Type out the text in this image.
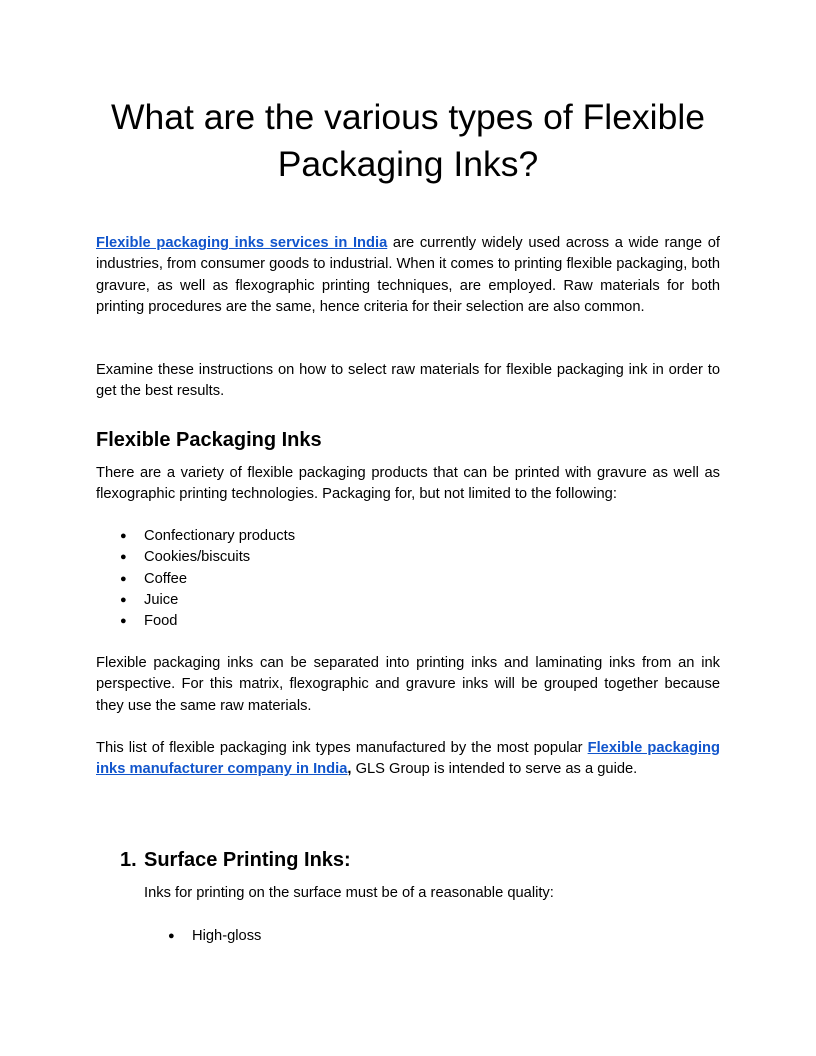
What are the various types of Flexible
Packaging Inks?

Flexible packaging inks services in India are currently widely used across a wide range of industries, from consumer goods to industrial. When it comes to printing flexible packaging, both gravure, as well as flexographic printing techniques, are employed. Raw materials for both printing procedures are the same, hence criteria for their selection are also common.

Examine these instructions on how to select raw materials for flexible packaging ink in order to get the best results.

Flexible Packaging Inks

There are a variety of flexible packaging products that can be printed with gravure as well as flexographic printing technologies. Packaging for, but not limited to the following:

● Confectionary products
● Cookies/biscuits
● Coffee
● Juice
● Food

Flexible packaging inks can be separated into printing inks and laminating inks from an ink perspective. For this matrix, flexographic and gravure inks will be grouped together because they use the same raw materials.

This list of flexible packaging ink types manufactured by the most popular Flexible packaging inks manufacturer company in India, GLS Group is intended to serve as a guide.

1. Surface Printing Inks:

Inks for printing on the surface must be of a reasonable quality:

● High-gloss
